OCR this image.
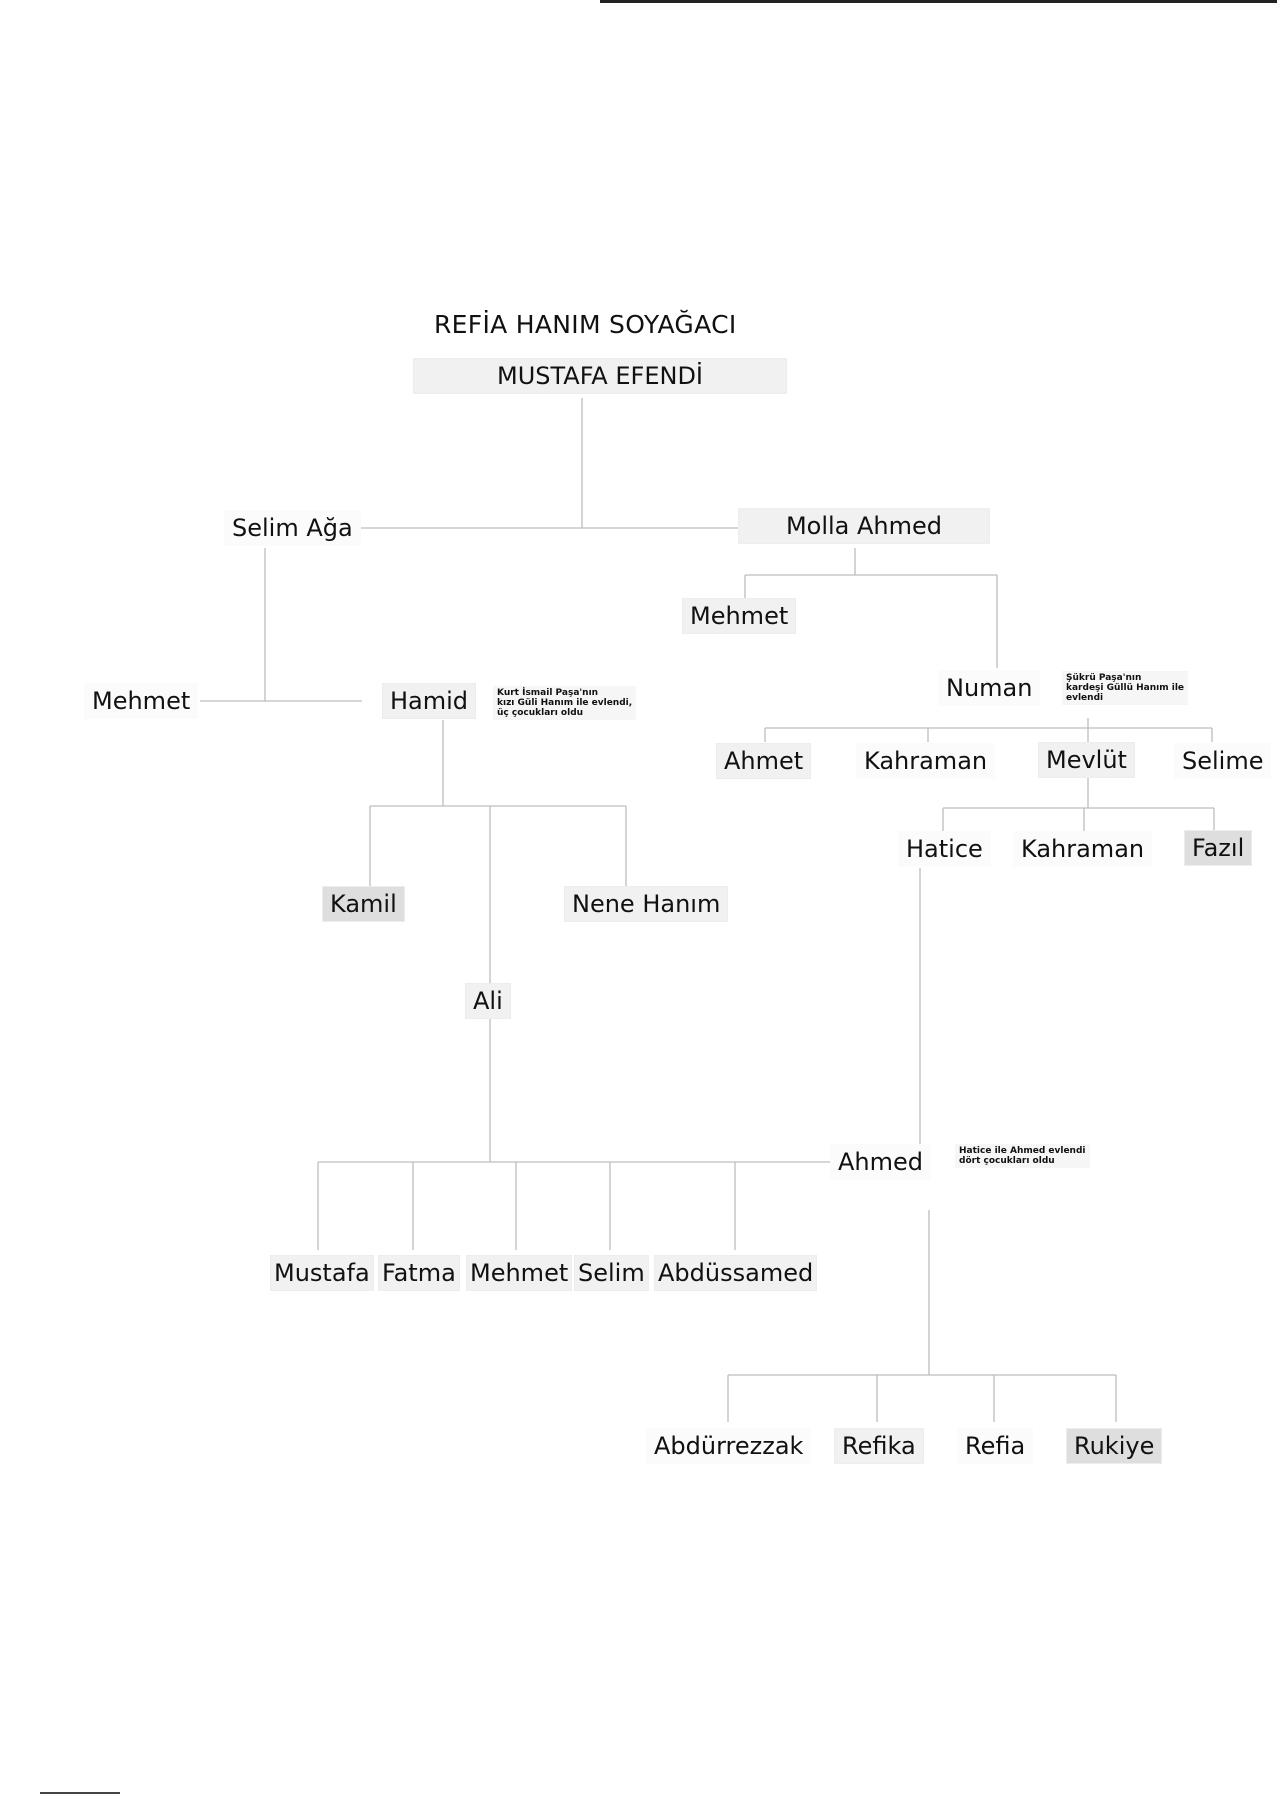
REFİA HANIM SOYAĞACI
MUSTAFA EFENDİ
Selim Ağa	Molla Ahmed
Mehmet
Mehmet	Hamid	Kurt İsmail Paşa'nın
kızı Güli Hanım ile evlendi,
üç çocukları oldu
Numan	Şükrü Paşa'nın
kardeşi Güllü Hanım ile
evlendi
Ahmet	Kahraman	Mevlüt	Selime
Hatice	Kahraman	Fazıl
Kamil	Nene Hanım
Ali
Ahmed	Hatice ile Ahmed evlendi
dört çocukları oldu
Mustafa Fatma Mehmet Selim Abdüssamed
Abdürrezzak	Refika	Refia	Rukiye
